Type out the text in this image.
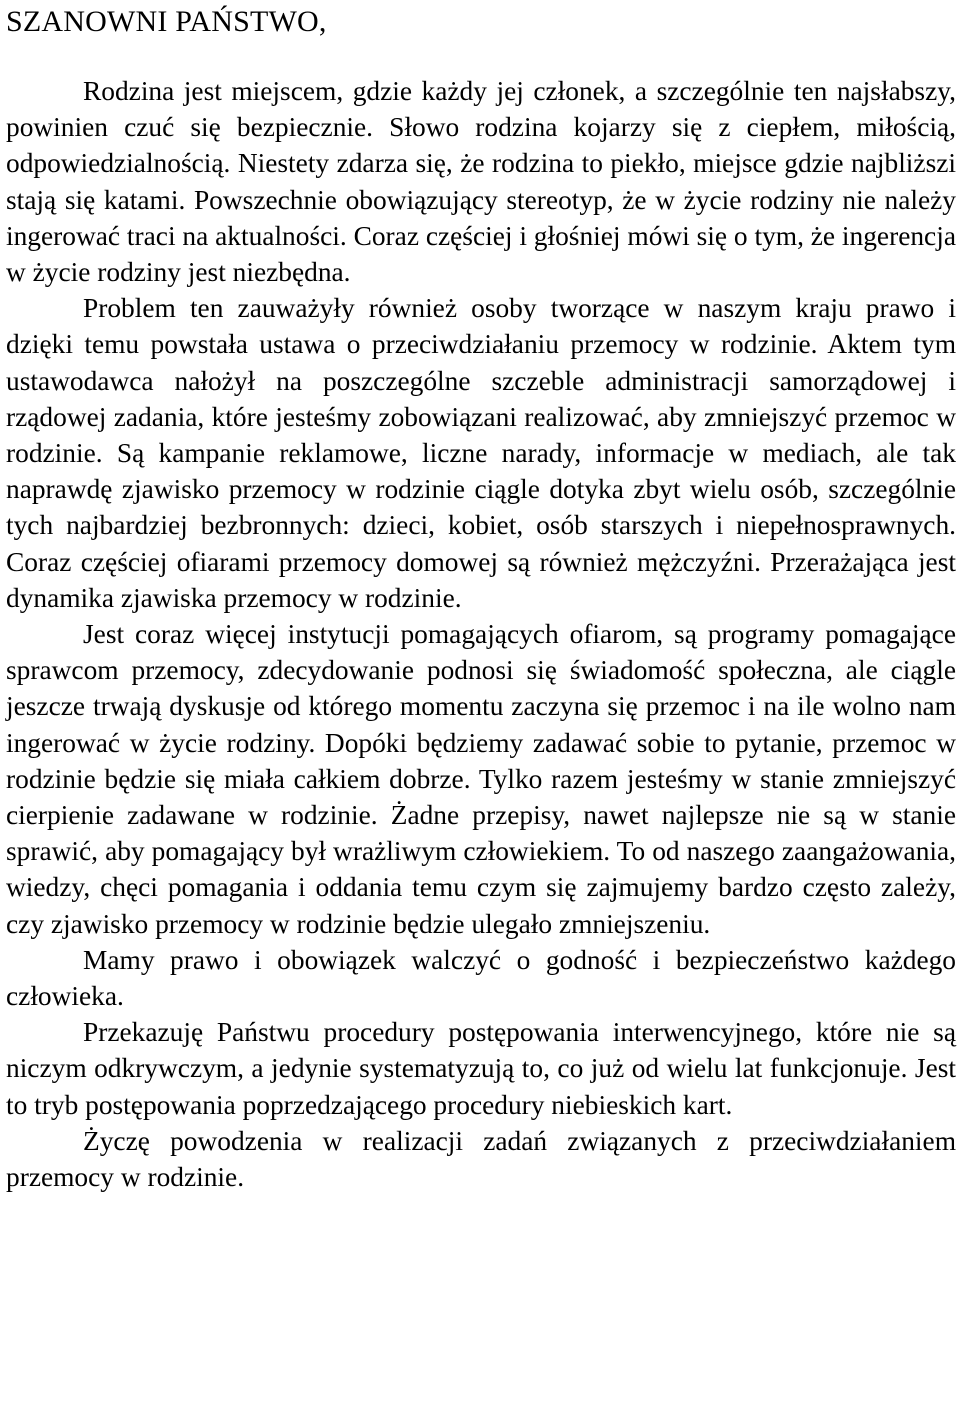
SZANOWNI PAŃSTWO,

Rodzina jest miejscem, gdzie każdy jej członek, a szczególnie ten najsłabszy, powinien czuć się bezpiecznie. Słowo rodzina kojarzy się z ciepłem, miłością, odpowiedzialnością. Niestety zdarza się, że rodzina to piekło, miejsce gdzie najbliższi stają się katami. Powszechnie obowiązujący stereotyp, że w życie rodziny nie należy ingerować traci na aktualności. Coraz częściej i głośniej mówi się o tym, że ingerencja w życie rodziny jest niezbędna.

Problem ten zauważyły również osoby tworzące w naszym kraju prawo i dzięki temu powstała ustawa o przeciwdziałaniu przemocy w rodzinie. Aktem tym ustawodawca nałożył na poszczególne szczeble administracji samorządowej i rządowej zadania, które jesteśmy zobowiązani realizować, aby zmniejszyć przemoc w rodzinie. Są kampanie reklamowe, liczne narady, informacje w mediach, ale tak naprawdę zjawisko przemocy w rodzinie ciągle dotyka zbyt wielu osób, szczególnie tych najbardziej bezbronnych: dzieci, kobiet, osób starszych i niepełnosprawnych. Coraz częściej ofiarami przemocy domowej są również mężczyźni. Przerażająca jest dynamika zjawiska przemocy w rodzinie.

Jest coraz więcej instytucji pomagających ofiarom, są programy pomagające sprawcom przemocy, zdecydowanie podnosi się świadomość społeczna, ale ciągle jeszcze trwają dyskusje od którego momentu zaczyna się przemoc i na ile wolno nam ingerować w życie rodziny. Dopóki będziemy zadawać sobie to pytanie, przemoc w rodzinie będzie się miała całkiem dobrze. Tylko razem jesteśmy w stanie zmniejszyć cierpienie zadawane w rodzinie. Żadne przepisy, nawet najlepsze nie są w stanie sprawić, aby pomagający był wrażliwym człowiekiem. To od naszego zaangażowania, wiedzy, chęci pomagania i oddania temu czym się zajmujemy bardzo często zależy, czy zjawisko przemocy w rodzinie będzie ulegało zmniejszeniu.

Mamy prawo i obowiązek walczyć o godność i bezpieczeństwo każdego człowieka.

Przekazuję Państwu procedury postępowania interwencyjnego, które nie są niczym odkrywczym, a jedynie systematyzują to, co już od wielu lat funkcjonuje. Jest to tryb postępowania poprzedzającego procedury niebieskich kart.

Życzę powodzenia w realizacji zadań związanych z przeciwdziałaniem przemocy w rodzinie.
